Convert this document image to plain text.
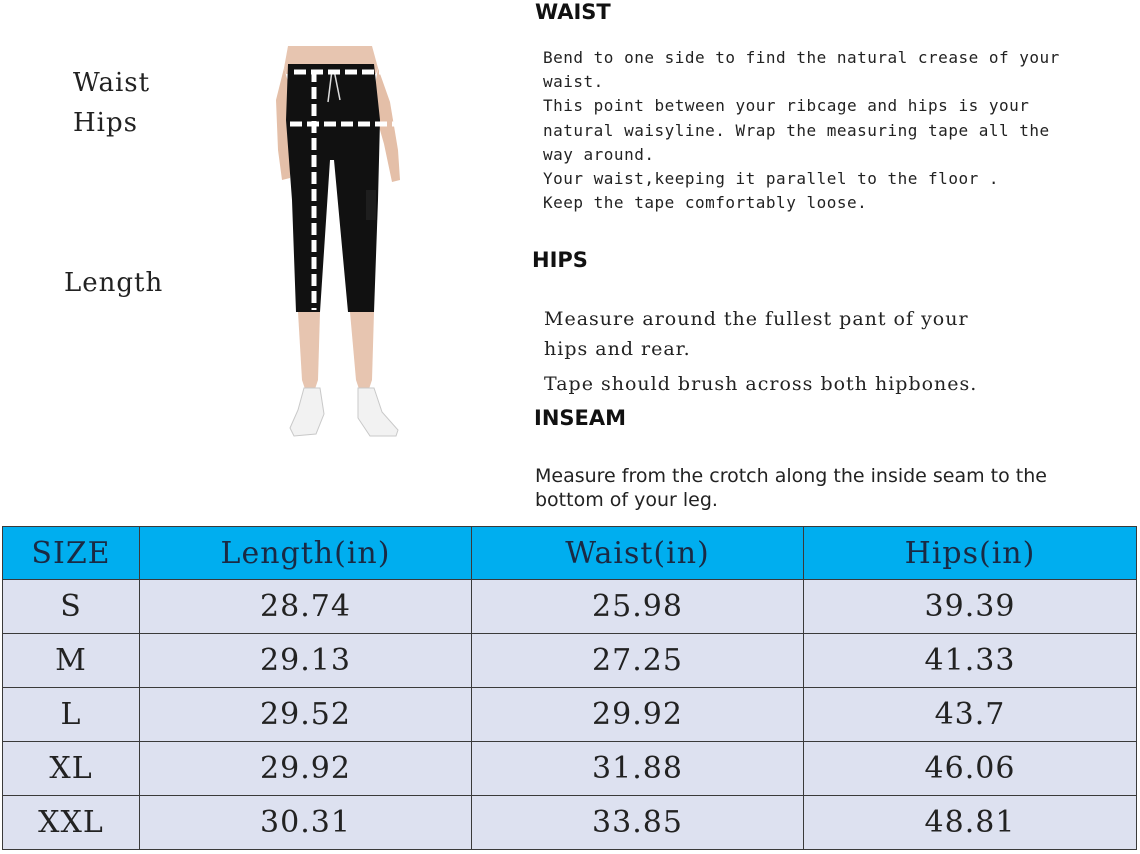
Waist
Hips
Length
WAIST
Bend to one side to find the natural crease of your
waist.
This point between your ribcage and hips is your
natural waisyline. Wrap the measuring tape all the
way around.
Your waist,keeping it parallel to the floor .
Keep the tape comfortably loose.
HIPS
Measure around the fullest pant of your
hips and rear.
Tape should brush across both hipbones.
INSEAM
Measure from the crotch along the inside seam to the
bottom of your leg.
SIZE	Length(in)	Waist(in)	Hips(in)
S	28.74	25.98	39.39
M	29.13	27.25	41.33
L	29.52	29.92	43.7
XL	29.92	31.88	46.06
XXL	30.31	33.85	48.81
